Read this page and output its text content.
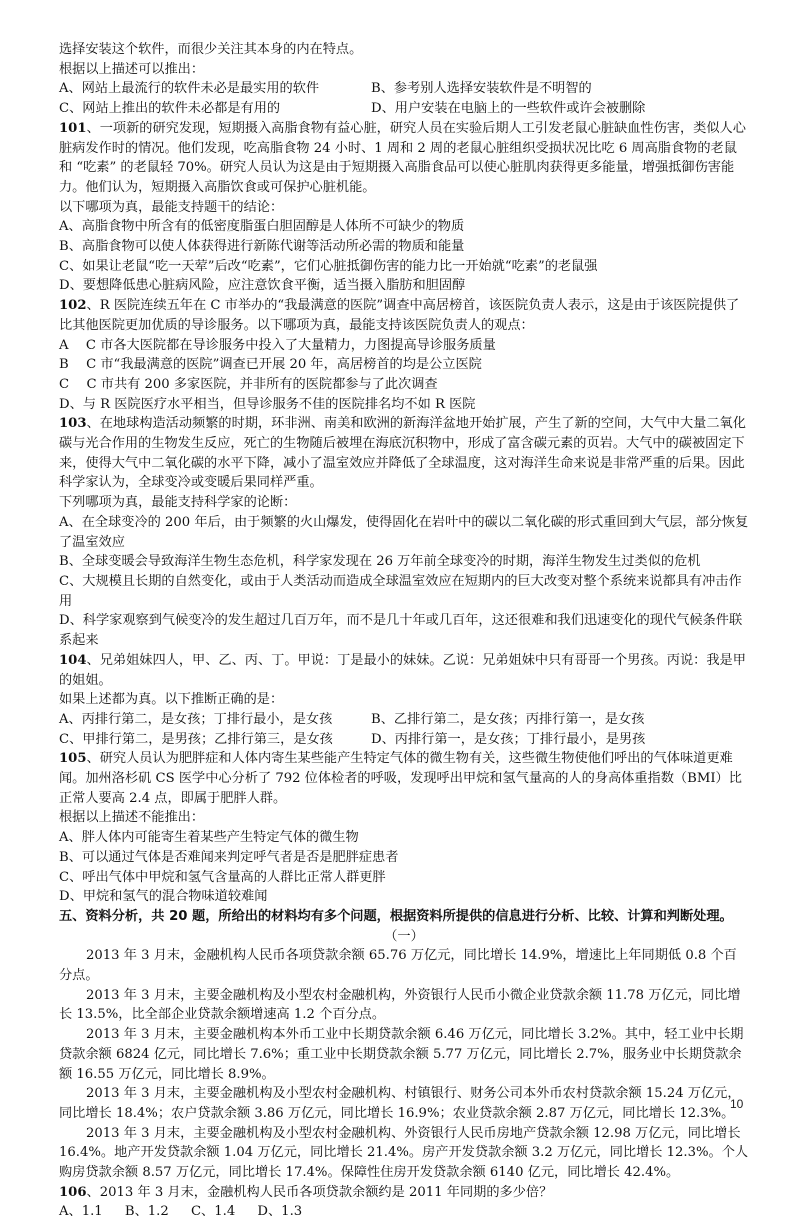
选择安装这个软件，而很少关注其本身的内在特点。

根据以上描述可以推出：

A、网站上最流行的软件未必是最实用的软件	B、参考别人选择安装软件是不明智的
C、网站上推出的软件未必都是有用的	D、用户安装在电脑上的一些软件或许会被删除

101、一项新的研究发现，短期摄入高脂食物有益心脏，研究人员在实验后期人工引发老鼠心脏缺血性伤害，类似人心脏病发作时的情况。他们发现，吃高脂食物 24 小时、1 周和 2 周的老鼠心脏组织受损状况比吃 6 周高脂食物的老鼠和 “吃素” 的老鼠轻 70%。研究人员认为这是由于短期摄入高脂食品可以使心脏肌肉获得更多能量，增强抵御伤害能力。他们认为，短期摄入高脂饮食或可保护心脏机能。

以下哪项为真，最能支持题干的结论：

A、高脂食物中所含有的低密度脂蛋白胆固醇是人体所不可缺少的物质

B、高脂食物可以使人体获得进行新陈代谢等活动所必需的物质和能量

C、如果让老鼠“吃一天荤”后改“吃素”，它们心脏抵御伤害的能力比一开始就“吃素”的老鼠强

D、要想降低患心脏病风险，应注意饮食平衡，适当摄入脂肪和胆固醇

102、R 医院连续五年在 C 市举办的“我最满意的医院”调查中高居榜首，该医院负责人表示，这是由于该医院提供了比其他医院更加优质的导诊服务。以下哪项为真，最能支持该医院负责人的观点：

A　 C 市各大医院都在导诊服务中投入了大量精力，力图提高导诊服务质量

B　 C 市“我最满意的医院”调查已开展 20 年，高居榜首的均是公立医院

C　 C 市共有 200 多家医院，并非所有的医院都参与了此次调查

D、与 R 医院医疗水平相当，但导诊服务不佳的医院排名均不如 R 医院

103、在地球构造活动频繁的时期，环非洲、南美和欧洲的新海洋盆地开始扩展，产生了新的空间，大气中大量二氧化碳与光合作用的生物发生反应，死亡的生物随后被埋在海底沉积物中，形成了富含碳元素的页岩。大气中的碳被固定下来，使得大气中二氧化碳的水平下降，减小了温室效应并降低了全球温度，这对海洋生命来说是非常严重的后果。因此科学家认为，全球变冷或变暖后果同样严重。

下列哪项为真，最能支持科学家的论断：

A、在全球变冷的 200 年后，由于频繁的火山爆发，使得固化在岩叶中的碳以二氧化碳的形式重回到大气层，部分恢复了温室效应

B、全球变暖会导致海洋生物生态危机，科学家发现在 26 万年前全球变冷的时期，海洋生物发生过类似的危机

C、大规模且长期的自然变化，或由于人类活动而造成全球温室效应在短期内的巨大改变对整个系统来说都具有冲击作用

D、科学家观察到气候变冷的发生超过几百万年，而不是几十年或几百年，这还很难和我们迅速变化的现代气候条件联系起来

104、兄弟姐妹四人，甲、乙、丙、丁。甲说：丁是最小的妹妹。乙说：兄弟姐妹中只有哥哥一个男孩。丙说：我是甲的姐姐。

如果上述都为真。以下推断正确的是：

A、丙排行第二，是女孩；丁排行最小，是女孩	B、乙排行第二，是女孩；丙排行第一，是女孩
C、甲排行第二，是男孩；乙排行第三，是女孩	D、丙排行第一，是女孩；丁排行最小，是男孩

105、研究人员认为肥胖症和人体内寄生某些能产生特定气体的微生物有关，这些微生物使他们呼出的气体味道更难闻。加州洛杉矶 CS 医学中心分析了 792 位体检者的呼吸，发现呼出甲烷和氢气量高的人的身高体重指数（BMI）比正常人要高 2.4 点，即属于肥胖人群。

根据以上描述不能推出：

A、胖人体内可能寄生着某些产生特定气体的微生物

B、可以通过气体是否难闻来判定呼气者是否是肥胖症患者

C、呼出气体中甲烷和氢气含量高的人群比正常人群更胖

D、甲烷和氢气的混合物味道较难闻

五、资料分析，共 20 题，所给出的材料均有多个问题，根据资料所提供的信息进行分析、比较、计算和判断处理。

（一）

2013 年 3 月末，金融机构人民币各项贷款余额 65.76 万亿元，同比增长 14.9%，增速比上年同期低 0.8 个百分点。

2013 年 3 月末，主要金融机构及小型农村金融机构，外资银行人民币小微企业贷款余额 11.78 万亿元，同比增长 13.5%，比全部企业贷款余额增速高 1.2 个百分点。

2013 年 3 月末，主要金融机构本外币工业中长期贷款余额 6.46 万亿元，同比增长 3.2%。其中，轻工业中长期贷款余额 6824 亿元，同比增长 7.6%；重工业中长期贷款余额 5.77 万亿元，同比增长 2.7%，服务业中长期贷款余额 16.55 万亿元，同比增长 8.9%。

2013 年 3 月末，主要金融机构及小型农村金融机构、村镇银行、财务公司本外币农村贷款余额 15.24 万亿元，同比增长 18.4%；农户贷款余额 3.86 万亿元，同比增长 16.9%；农业贷款余额 2.87 万亿元，同比增长 12.3%。

2013 年 3 月末，主要金融机构及小型农村金融机构、外资银行人民币房地产贷款余额 12.98 万亿元，同比增长 16.4%。地产开发贷款余额 1.04 万亿元，同比增长 21.4%。房产开发贷款余额 3.2 万亿元，同比增长 12.3%。个人购房贷款余额 8.57 万亿元，同比增长 17.4%。保障性住房开发贷款余额 6140 亿元，同比增长 42.4%。

106、2013 年 3 月末，金融机构人民币各项贷款余额约是 2011 年同期的多少倍？

A、1.1 B、1.2 C、1.4 D、1.3

10
